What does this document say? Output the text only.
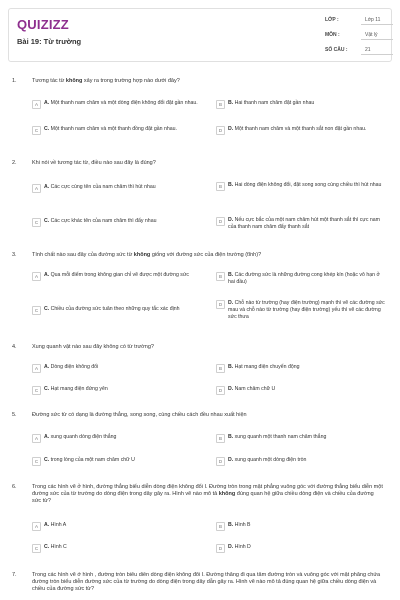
QUIZIZZ
Bài 19: Từ trường
LỚP :	Lớp 11
MÔN :	Vật lý
SỐ CÂU :	21
1.	Tương tác từ không xảy ra trong trường hợp nào dưới đây?
A	A. Một thanh nam châm và một dòng điện không đổi đặt gần nhau.	B	B. Hai thanh nam châm đặt gần nhau
C	C. Một thanh nam châm và một thanh đồng đặt gần nhau.	D	D. Một thanh nam châm và một thanh sắt non đặt gần nhau.
2.	Khi nói về tương tác từ, điều nào sau đây là đúng?
A	A. Các cực cùng tên của nam châm thì hút nhau	B	B. Hai dòng điện không đổi, đặt song song cùng chiều thì hút nhau
C	C. Các cực khác tên của nam châm thì đẩy nhau	D	D. Nếu cực bắc của một nam châm hút một thanh sắt thì cực nam của thanh nam châm đẩy thanh sắt
3.	Tính chất nào sau đây của đường sức từ không giống với đường sức của điện trường (tĩnh)?
A	A. Qua mỗi điểm trong không gian chỉ vẽ được một đường sức	B	B. Các đường sức là những đường cong khép kín (hoặc vô hạn ở hai đầu)
C	C. Chiều của đường sức tuân theo những quy tắc xác định
D	D. Chỗ nào từ trường (hay điện trường) mạnh thì vẽ các đường sức mau và chỗ nào từ trường (hay điện trường) yếu thì vẽ các đường sức thưa
4.	Xung quanh vật nào sau đây không có từ trường?
A	A. Dòng điện không đổi	B	B. Hạt mang điện chuyển động
C	C. Hạt mang điện đứng yên	D	D. Nam châm chữ U
5.	Đường sức từ có dạng là đường thẳng, song song, cùng chiều cách đều nhau xuất hiện
A	A. xung quanh dòng điện thẳng	B	B. xung quanh một thanh nam châm thẳng
C	C. trong lòng của một nam châm chữ U	D	D. xung quanh một dòng điện tròn
6.	Trong các hình vẽ ở hình, đường thẳng biểu diễn dòng điện không đổi I. Đường tròn trong mặt phẳng vuông góc với đường thẳng biểu diễn một đường sức của từ trường do dòng điện trong dây gây ra. Hình vẽ nào mô tả không đúng quan hệ giữa chiều dòng điện và chiều của đường sức từ?
A	A. Hình A	B	B. Hình B
C	C. Hình C	D	D. Hình D
7.	Trong các hình vẽ ở hình , đường tròn biểu diễn dòng điện không đổi I. Đường thẳng đi qua tâm đường tròn và vuông góc với mặt phẳng chứa đường tròn biểu diễn đường sức của từ trường do dòng điện trong dây dẫn gây ra. Hình vẽ nào mô tả đúng quan hệ giữa chiều dòng điện và chiều của đường sức từ?
